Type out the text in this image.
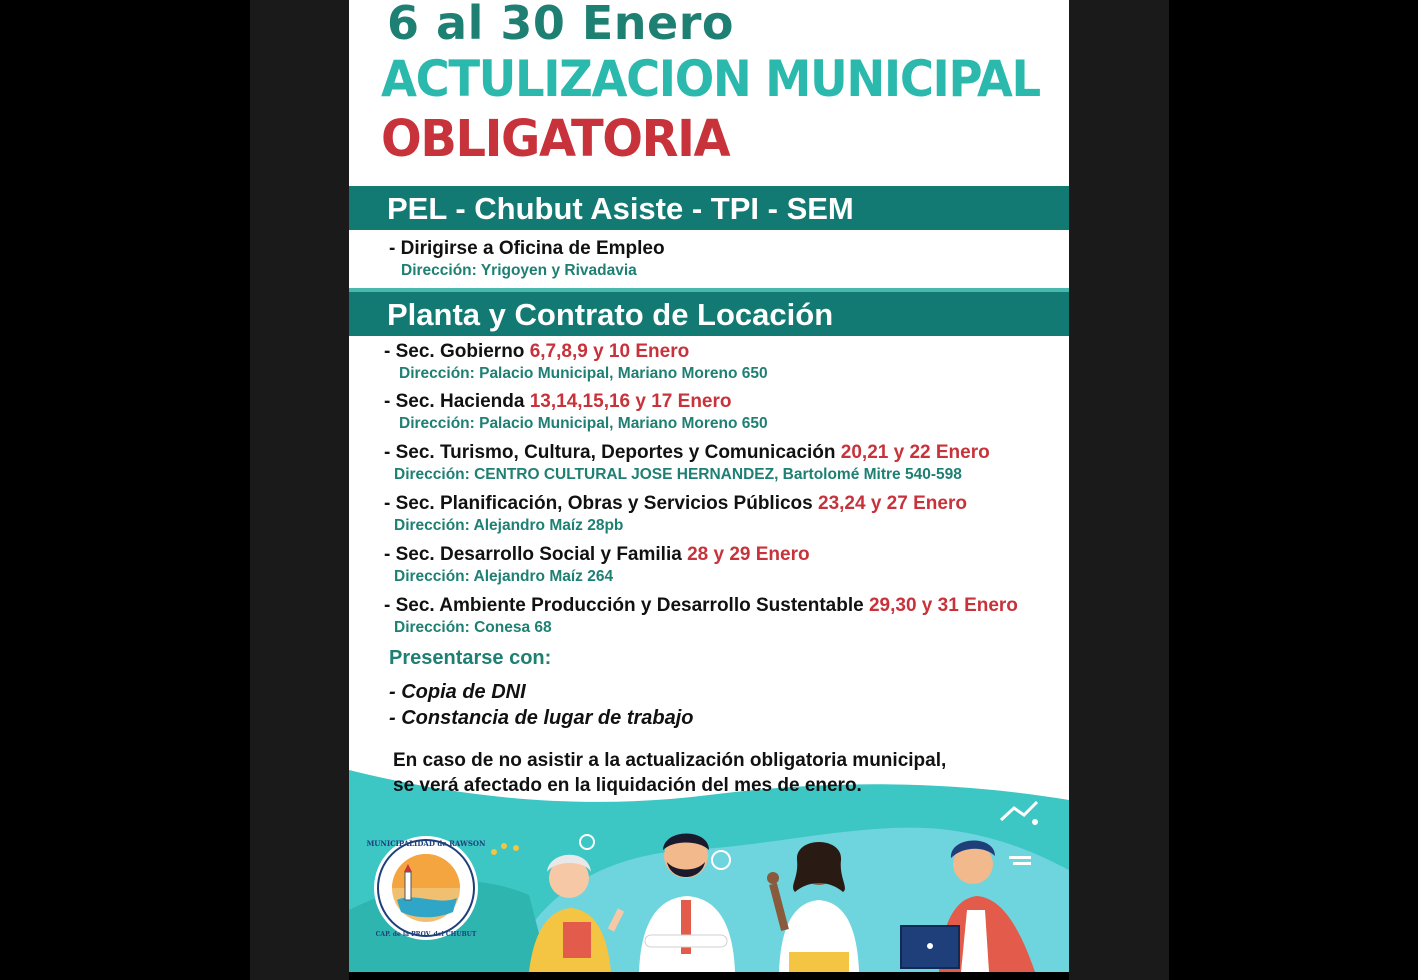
6 al 30 Enero
ACTULIZACION MUNICIPAL
OBLIGATORIA
PEL - Chubut Asiste - TPI - SEM
- Dirigirse a Oficina de Empleo
Dirección: Yrigoyen y Rivadavia
Planta y Contrato de Locación
- Sec. Gobierno 6,7,8,9 y 10 Enero
Dirección: Palacio Municipal, Mariano Moreno 650
- Sec. Hacienda 13,14,15,16 y 17 Enero
Dirección: Palacio Municipal, Mariano Moreno 650
- Sec. Turismo, Cultura, Deportes y Comunicación 20,21 y 22 Enero
Dirección: CENTRO CULTURAL JOSE HERNANDEZ, Bartolomé Mitre 540-598
- Sec. Planificación, Obras y Servicios Públicos 23,24 y 27 Enero
Dirección: Alejandro Maíz 28pb
- Sec. Desarrollo Social y Familia 28 y 29 Enero
Dirección: Alejandro Maíz 264
- Sec. Ambiente Producción y Desarrollo Sustentable 29,30 y 31 Enero
Dirección: Conesa 68
Presentarse con:
- Copia de DNI
- Constancia de lugar de trabajo
MUNICIPALIDAD de RAWSON
CAP. de la PROV. del CHUBUT
En caso de no asistir a la actualización obligatoria municipal,
se verá afectado en la liquidación del mes de enero.
